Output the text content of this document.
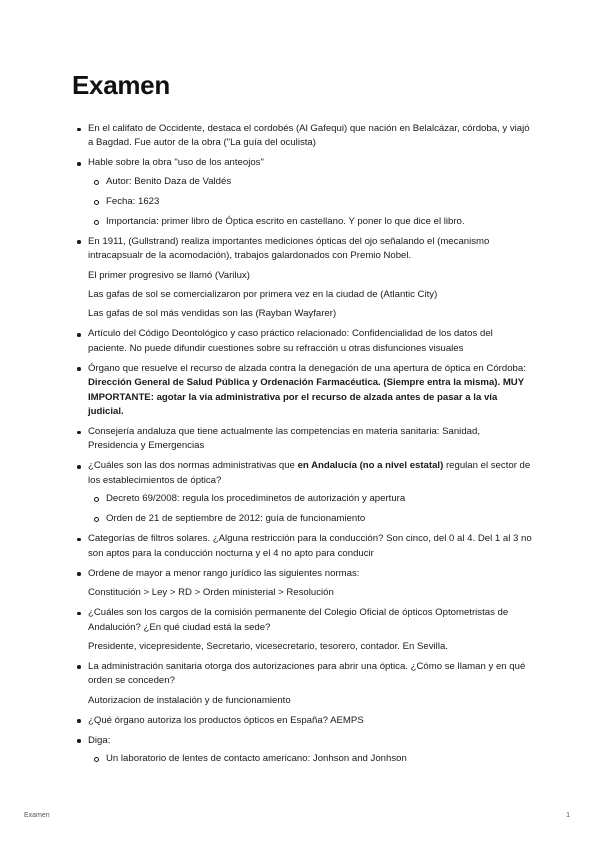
Examen
En el califato de Occidente, destaca el cordobés (Al Gafequi) que nación en Belalcázar, córdoba, y viajó a Bagdad. Fue autor de la obra ("La guía del oculista)
Hable sobre la obra "uso de los anteojos"
Autor: Benito Daza de Valdés
Fecha: 1623
Importancia: primer libro de Óptica escrito en castellano. Y poner lo que dice el libro.
En 1911, (Gullstrand) realiza importantes mediciones ópticas del ojo señalando el (mecanismo intracapsualr de la acomodación), trabajos galardonados con Premio Nobel.

El primer progresivo se llamó (Varilux)

Las gafas de sol se comercializaron por primera vez en la ciudad de (Atlantic City)

Las gafas de sol más vendidas son las (Rayban Wayfarer)

Artículo del Código Deontológico y caso práctico relacionado: Confidencialidad de los datos del paciente. No puede difundir cuestiones sobre su refracción u otras disfunciones visuales
Órgano que resuelve el recurso de alzada contra la denegación de una apertura de óptica en Córdoba: Dirección General de Salud Pública y Ordenación Farmacéutica. (Siempre entra la misma). MUY IMPORTANTE: agotar la vía administrativa por el recurso de alzada antes de pasar a la vía judicial.
Consejería andaluza que tiene actualmente las competencias en materia sanitaria: Sanidad, Presidencia y Emergencias
¿Cuáles son las dos normas administrativas que en Andalucía (no a nivel estatal) regulan el sector de los establecimientos de óptica?
Decreto 69/2008: regula los procediminetos de autorización y apertura
Orden de 21 de septiembre de 2012: guía de funcionamiento
Categorías de filtros solares. ¿Alguna restricción para la conducción? Son cinco, del 0 al 4. Del 1 al 3 no son aptos para la conducción nocturna y el 4 no apto para conducir
Ordene de mayor a menor rango jurídico las siguientes normas:

Constitución > Ley > RD > Orden ministerial > Resolución

¿Cuáles son los cargos de la comisión permanente del Colegio Oficial de ópticos Optometristas de Andalución? ¿En qué ciudad está la sede?

Presidente, vicepresidente, Secretario, vicesecretario, tesorero, contador. En Sevilla.

La administración sanitaria otorga dos autorizaciones para abrir una óptica. ¿Cómo se llaman y en qué orden se conceden?

Autorizacion de instalación y de funcionamiento

¿Qué órgano autoriza los productos ópticos en España? AEMPS
Diga:
Un laboratorio de lentes de contacto americano: Jonhson and Jonhson
Examen	1
